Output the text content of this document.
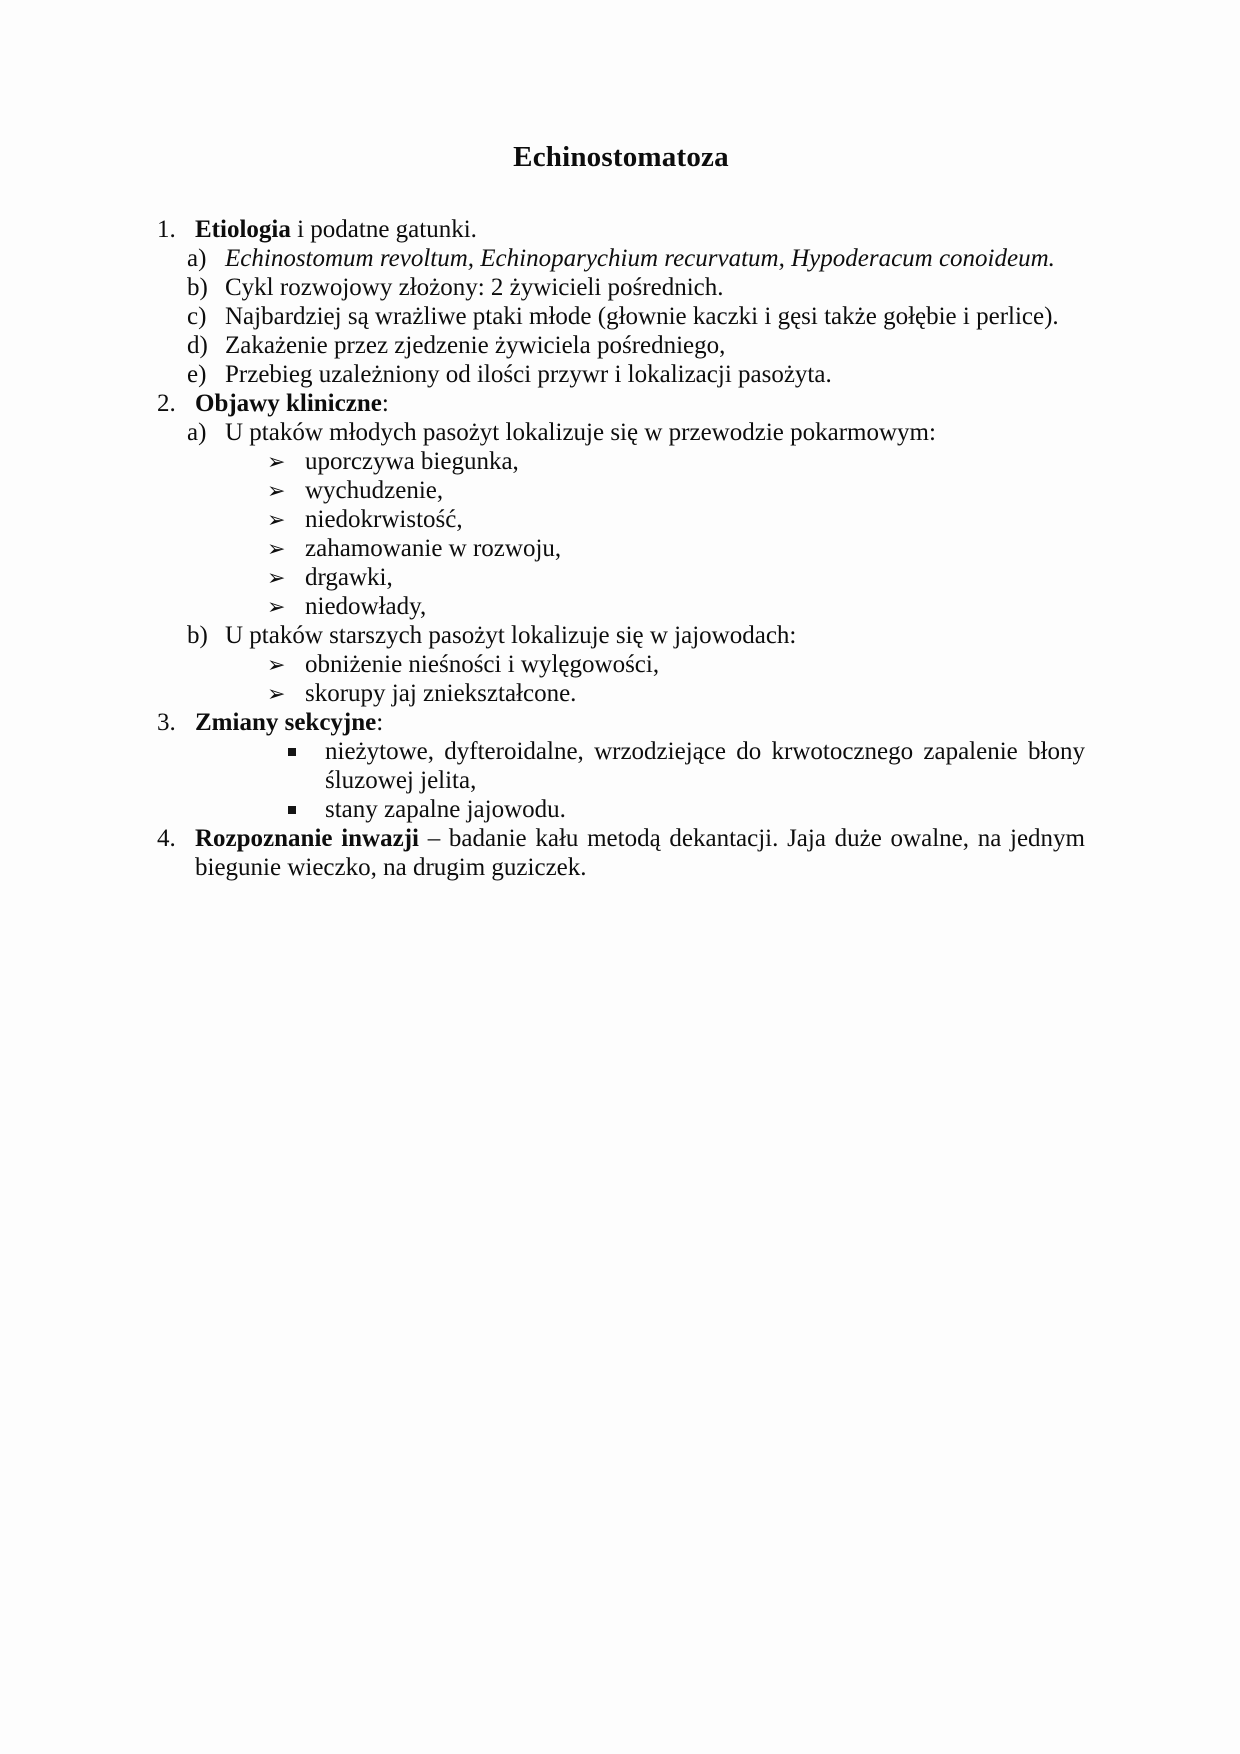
Echinostomatoza
1. Etiologia i podatne gatunki.
a) Echinostomum revoltum, Echinoparychium recurvatum, Hypoderacum conoideum.
b) Cykl rozwojowy złożony: 2 żywicieli pośrednich.
c) Najbardziej są wrażliwe ptaki młode (głownie kaczki i gęsi także gołębie i perlice).
d) Zakażenie przez zjedzenie żywiciela pośredniego,
e) Przebieg uzależniony od ilości przywr i lokalizacji pasożyta.
2. Objawy kliniczne:
a) U ptaków młodych pasożyt lokalizuje się w przewodzie pokarmowym:
➢ uporczywa biegunka,
➢ wychudzenie,
➢ niedokrwistość,
➢ zahamowanie w rozwoju,
➢ drgawki,
➢ niedowłady,
b) U ptaków starszych pasożyt lokalizuje się w jajowodach:
➢ obniżenie nieśności i wylęgowości,
➢ skorupy jaj zniekształcone.
3. Zmiany sekcyjne:
nieżytowe, dyfteroidalne, wrzodziejące do krwotocznego zapalenie błony śluzowej jelita,
stany zapalne jajowodu.
4. Rozpoznanie inwazji – badanie kału metodą dekantacji. Jaja duże owalne, na jednym biegunie wieczko, na drugim guziczek.
